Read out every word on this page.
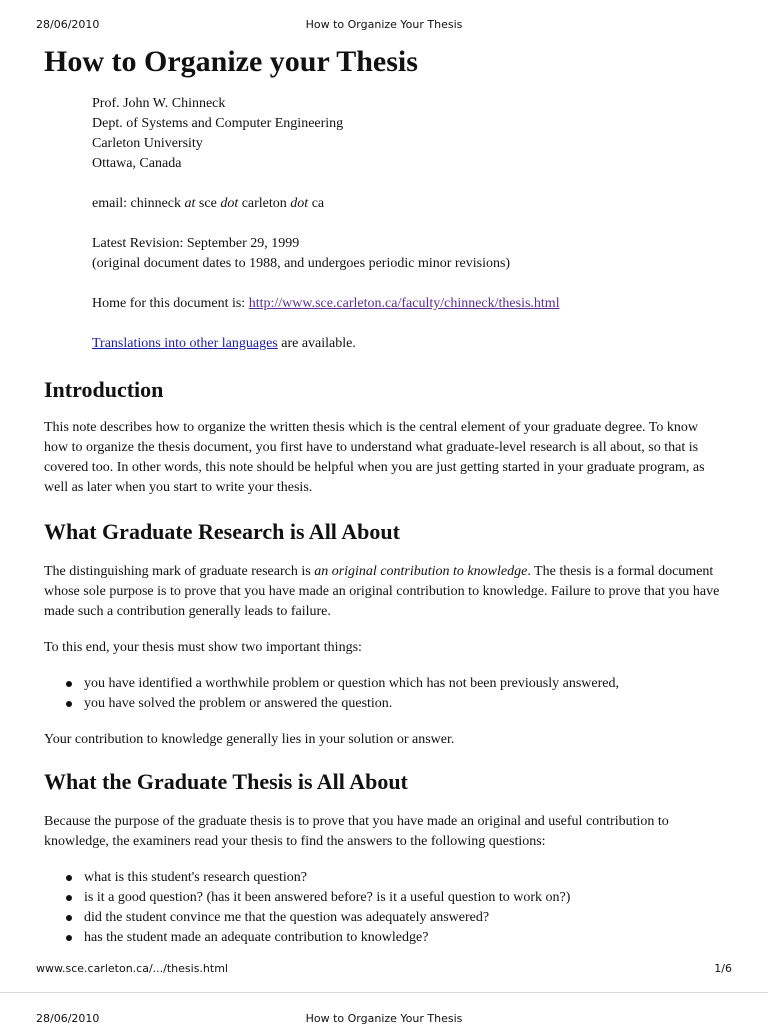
28/06/2010	How to Organize Your Thesis
How to Organize your Thesis
Prof. John W. Chinneck
Dept. of Systems and Computer Engineering
Carleton University
Ottawa, Canada
email: chinneck at sce dot carleton dot ca
Latest Revision: September 29, 1999
(original document dates to 1988, and undergoes periodic minor revisions)
Home for this document is: http://www.sce.carleton.ca/faculty/chinneck/thesis.html
Translations into other languages are available.
Introduction

This note describes how to organize the written thesis which is the central element of your graduate degree. To know how to organize the thesis document, you first have to understand what graduate-level research is all about, so that is covered too. In other words, this note should be helpful when you are just getting started in your graduate program, as well as later when you start to write your thesis.

What Graduate Research is All About

The distinguishing mark of graduate research is an original contribution to knowledge. The thesis is a formal document whose sole purpose is to prove that you have made an original contribution to knowledge. Failure to prove that you have made such a contribution generally leads to failure.

To this end, your thesis must show two important things:

you have identified a worthwhile problem or question which has not been previously answered,
you have solved the problem or answered the question.

Your contribution to knowledge generally lies in your solution or answer.

What the Graduate Thesis is All About

Because the purpose of the graduate thesis is to prove that you have made an original and useful contribution to knowledge, the examiners read your thesis to find the answers to the following questions:

what is this student's research question?
is it a good question? (has it been answered before? is it a useful question to work on?)
did the student convince me that the question was adequately answered?
has the student made an adequate contribution to knowledge?
www.sce.carleton.ca/.../thesis.html	1/6
28/06/2010	How to Organize Your Thesis
